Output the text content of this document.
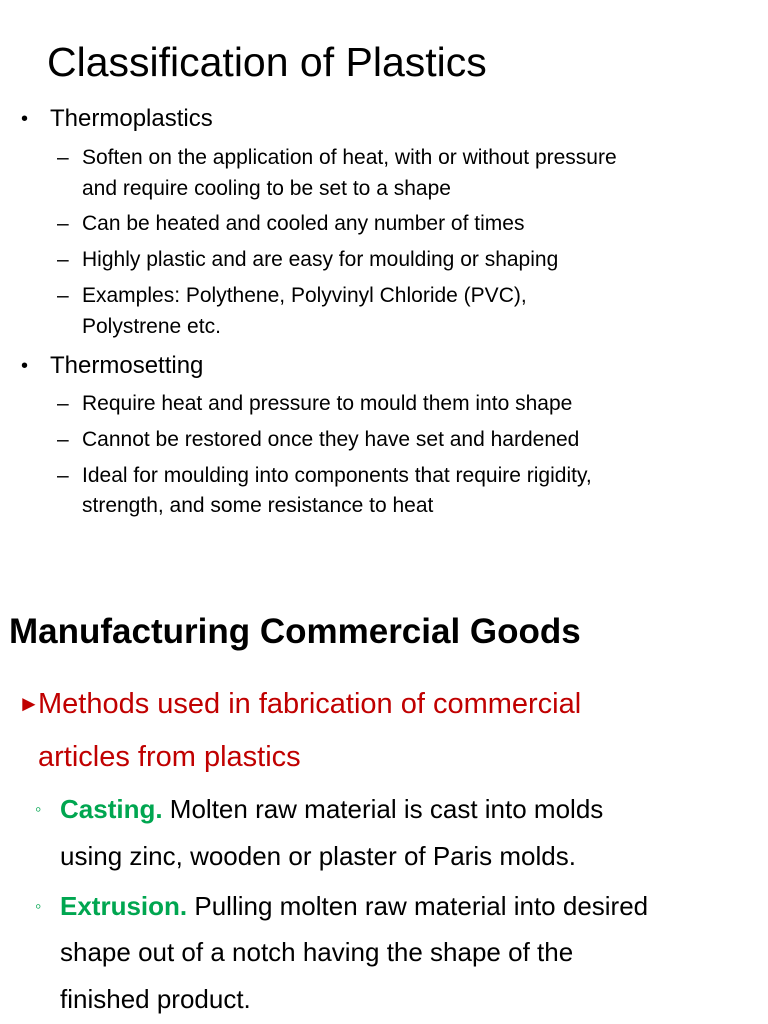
Classification of Plastics
• Thermoplastics
– Soften on the application of heat, with or without pressure
and require cooling to be set to a shape
– Can be heated and cooled any number of times
– Highly plastic and are easy for moulding or shaping
– Examples: Polythene, Polyvinyl Chloride (PVC),
Polystrene etc.
• Thermosetting
– Require heat and pressure to mould them into shape
– Cannot be restored once they have set and hardened
– Ideal for moulding into components that require rigidity,
strength, and some resistance to heat
Manufacturing Commercial Goods
►
Methods used in fabrication of commercial
articles from plastics
◦ Casting. Molten raw material is cast into molds
using zinc, wooden or plaster of Paris molds.
◦ Extrusion. Pulling molten raw material into desired
shape out of a notch having the shape of the
finished product.
